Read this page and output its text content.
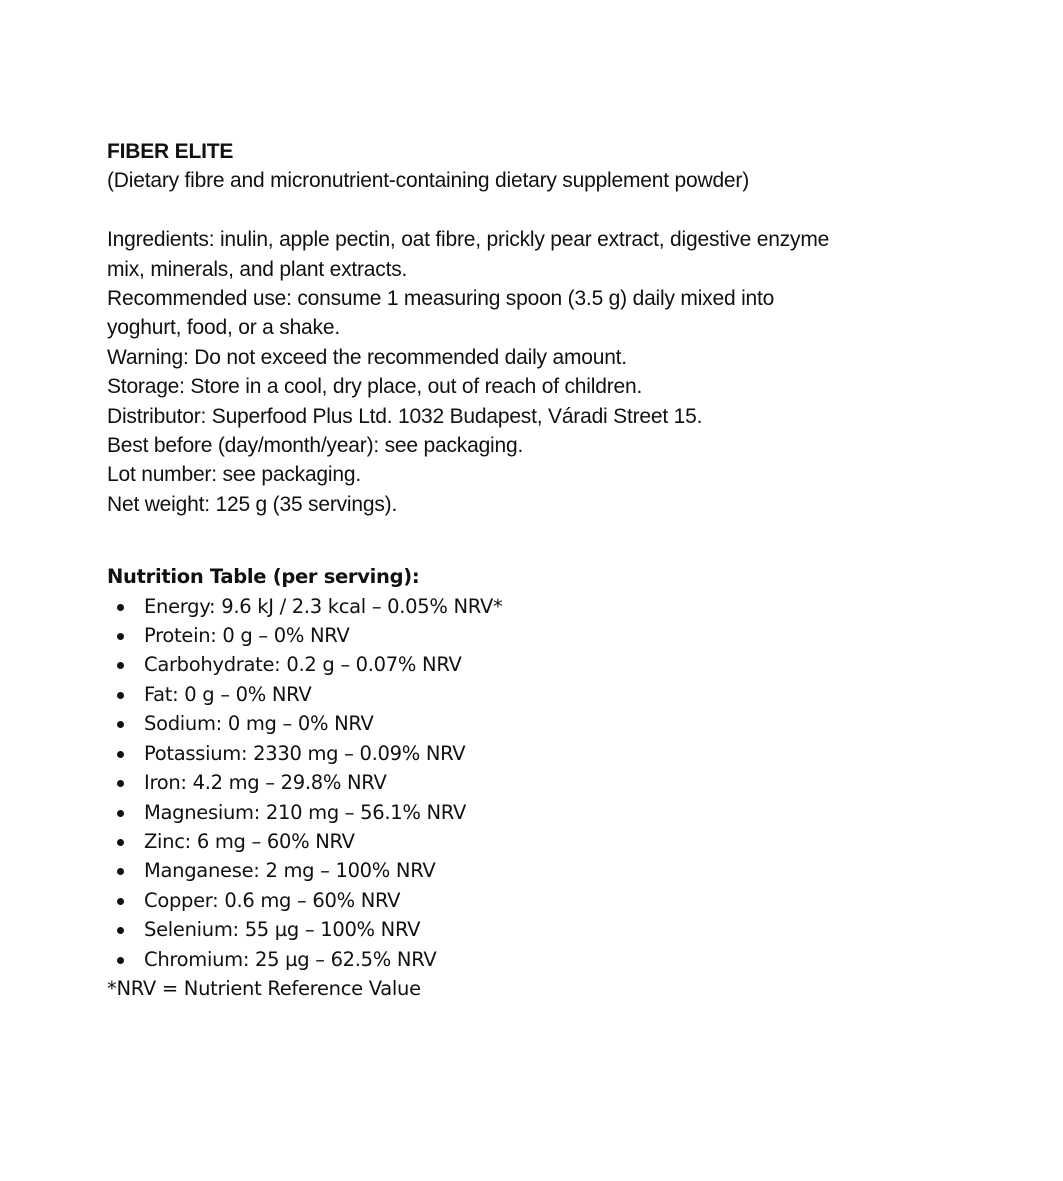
FIBER ELITE
(Dietary fibre and micronutrient-containing dietary supplement powder)
Ingredients: inulin, apple pectin, oat fibre, prickly pear extract, digestive enzyme
mix, minerals, and plant extracts.
Recommended use: consume 1 measuring spoon (3.5 g) daily mixed into
yoghurt, food, or a shake.
Warning: Do not exceed the recommended daily amount.
Storage: Store in a cool, dry place, out of reach of children.
Distributor: Superfood Plus Ltd. 1032 Budapest, Váradi Street 15.
Best before (day/month/year): see packaging.
Lot number: see packaging.
Net weight: 125 g (35 servings).
Nutrition Table (per serving):
Energy: 9.6 kJ / 2.3 kcal – 0.05% NRV*
Protein: 0 g – 0% NRV
Carbohydrate: 0.2 g – 0.07% NRV
Fat: 0 g – 0% NRV
Sodium: 0 mg – 0% NRV
Potassium: 2330 mg – 0.09% NRV
Iron: 4.2 mg – 29.8% NRV
Magnesium: 210 mg – 56.1% NRV
Zinc: 6 mg – 60% NRV
Manganese: 2 mg – 100% NRV
Copper: 0.6 mg – 60% NRV
Selenium: 55 µg – 100% NRV
Chromium: 25 µg – 62.5% NRV
*NRV = Nutrient Reference Value
